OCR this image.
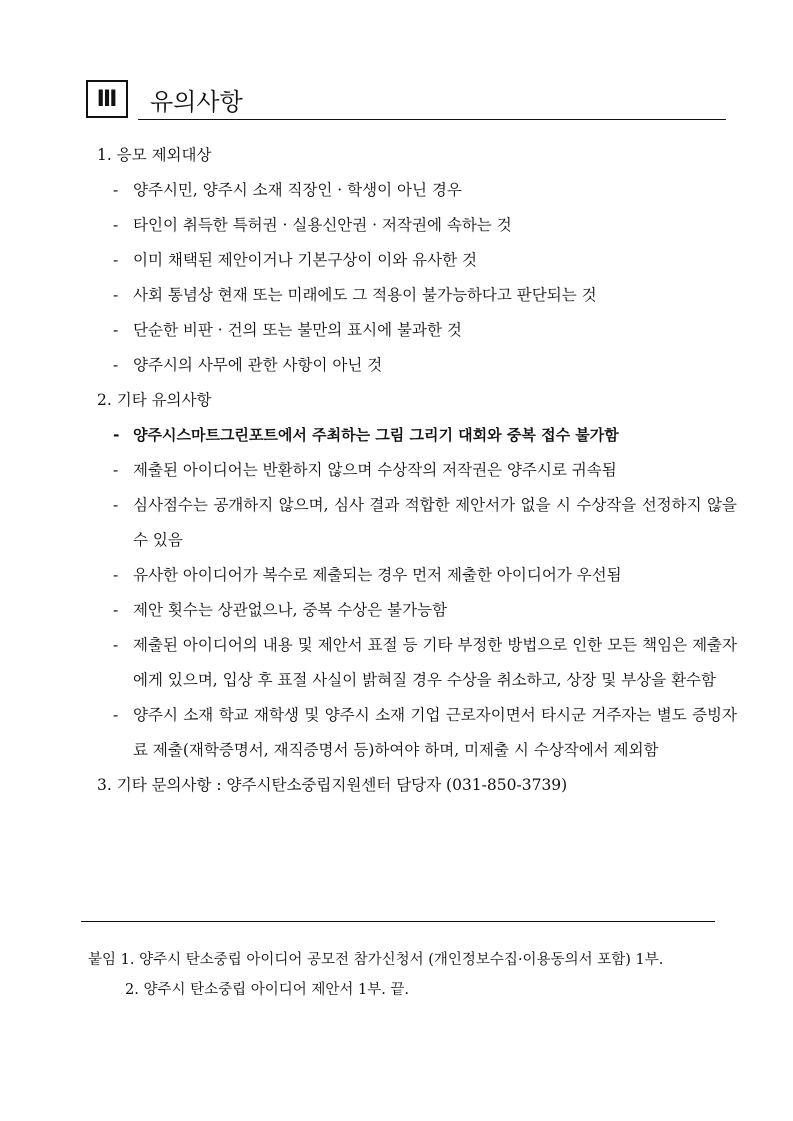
Ⅲ 유의사항

1. 응모 제외대상

- 양주시민, 양주시 소재 직장인 · 학생이 아닌 경우
- 타인이 취득한 특허권 · 실용신안권 · 저작권에 속하는 것
- 이미 채택된 제안이거나 기본구상이 이와 유사한 것
- 사회 통념상 현재 또는 미래에도 그 적용이 불가능하다고 판단되는 것
- 단순한 비판 · 건의 또는 불만의 표시에 불과한 것
- 양주시의 사무에 관한 사항이 아닌 것

2. 기타 유의사항

- 양주시스마트그린포트에서 주최하는 그림 그리기 대회와 중복 접수 불가함
- 제출된 아이디어는 반환하지 않으며 수상작의 저작권은 양주시로 귀속됨
- 심사점수는 공개하지 않으며, 심사 결과 적합한 제안서가 없을 시 수상작을 선정하지 않을 수 있음
- 유사한 아이디어가 복수로 제출되는 경우 먼저 제출한 아이디어가 우선됨
- 제안 횟수는 상관없으나, 중복 수상은 불가능함
- 제출된 아이디어의 내용 및 제안서 표절 등 기타 부정한 방법으로 인한 모든 책임은 제출자에게 있으며, 입상 후 표절 사실이 밝혀질 경우 수상을 취소하고, 상장 및 부상을 환수함
- 양주시 소재 학교 재학생 및 양주시 소재 기업 근로자이면서 타시군 거주자는 별도 증빙자료 제출(재학증명서, 재직증명서 등)하여야 하며, 미제출 시 수상작에서 제외함

3. 기타 문의사항 : 양주시탄소중립지원센터 담당자 (031-850-3739)

붙임 1. 양주시 탄소중립 아이디어 공모전 참가신청서 (개인정보수집·이용동의서 포함) 1부.
2. 양주시 탄소중립 아이디어 제안서 1부. 끝.
